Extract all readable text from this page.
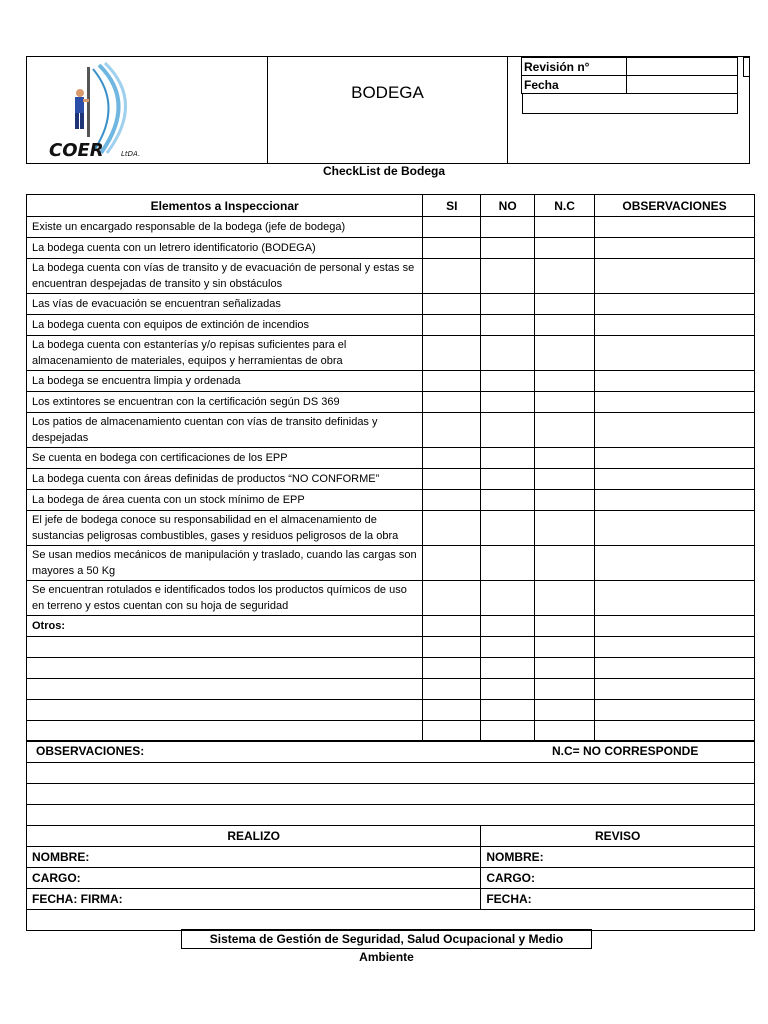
COER LtDA.
BODEGA
Revisión n°	
Fecha	
CheckList de Bodega
Elementos a Inspeccionar	SI	NO	N.C	OBSERVACIONES
Existe un encargado responsable de la bodega (jefe de bodega)				
La bodega cuenta con un letrero identificatorio (BODEGA)				
La bodega cuenta con vías de transito y de evacuación de personal y estas se encuentran despejadas de transito y sin obstáculos				
Las vías de evacuación se encuentran señalizadas				
La bodega cuenta con equipos de extinción de incendios				
La bodega cuenta con estanterías y/o repisas suficientes para el almacenamiento de materiales, equipos y herramientas de obra				
La bodega se encuentra limpia y ordenada				
Los extintores se encuentran con la certificación según DS 369				
Los patios de almacenamiento cuentan con vías de transito definidas y despejadas				
Se cuenta en bodega con certificaciones de los EPP				
La bodega cuenta con áreas definidas de productos “NO CONFORME”				
La bodega de área cuenta con un stock mínimo de EPP				
El jefe de bodega conoce su responsabilidad en el almacenamiento de sustancias peligrosas combustibles, gases y residuos peligrosos de la obra				
Se usan medios mecánicos de manipulación y traslado, cuando las cargas son mayores a 50 Kg				
Se encuentran rotulados e identificados todos los productos químicos de uso en terreno y estos cuentan con su hoja de seguridad				
Otros:				

OBSERVACIONES: N.C= NO CORRESPONDE	

REALIZO	REVISO
NOMBRE:	NOMBRE:
CARGO:	CARGO:
FECHA: FIRMA:	FECHA:

Sistema de Gestión de Seguridad, Salud Ocupacional y Medio Ambiente
